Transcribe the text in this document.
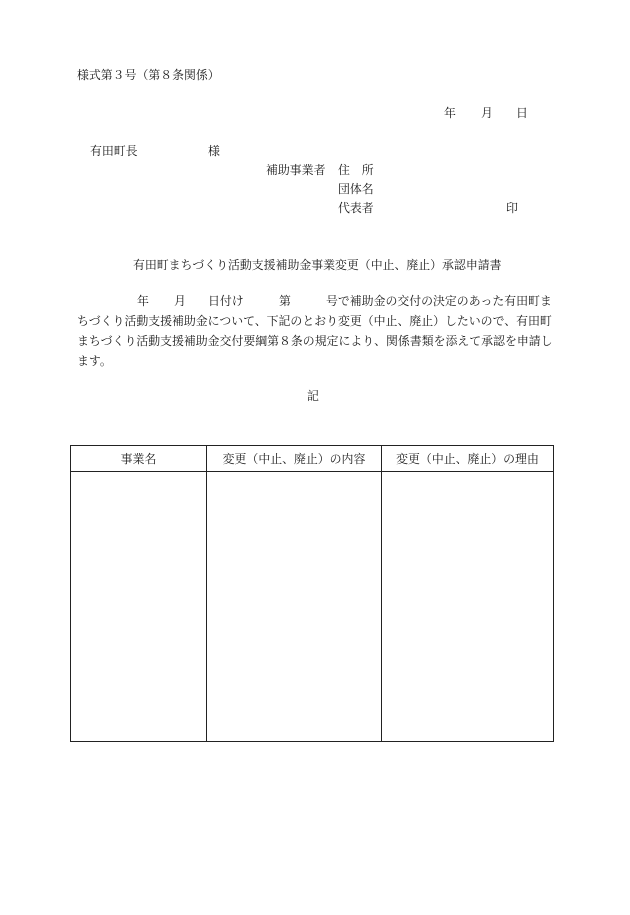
様式第３号（第８条関係）
年 月 日
有田町長	様
補助事業者 住　所
団体名
代表者	印
有田町まちづくり活動支援補助金事業変更（中止、廃止）承認申請書
年 月 日付け	第	号で補助金の交付の決定のあった有田町ま
ちづくり活動支援補助金について、下記のとおり変更（中止、廃止）したいので、有田町
まちづくり活動支援補助金交付要綱第８条の規定により、関係書類を添えて承認を申請し
ます。
記
事業名	変更（中止、廃止）の内容	変更（中止、廃止）の理由
